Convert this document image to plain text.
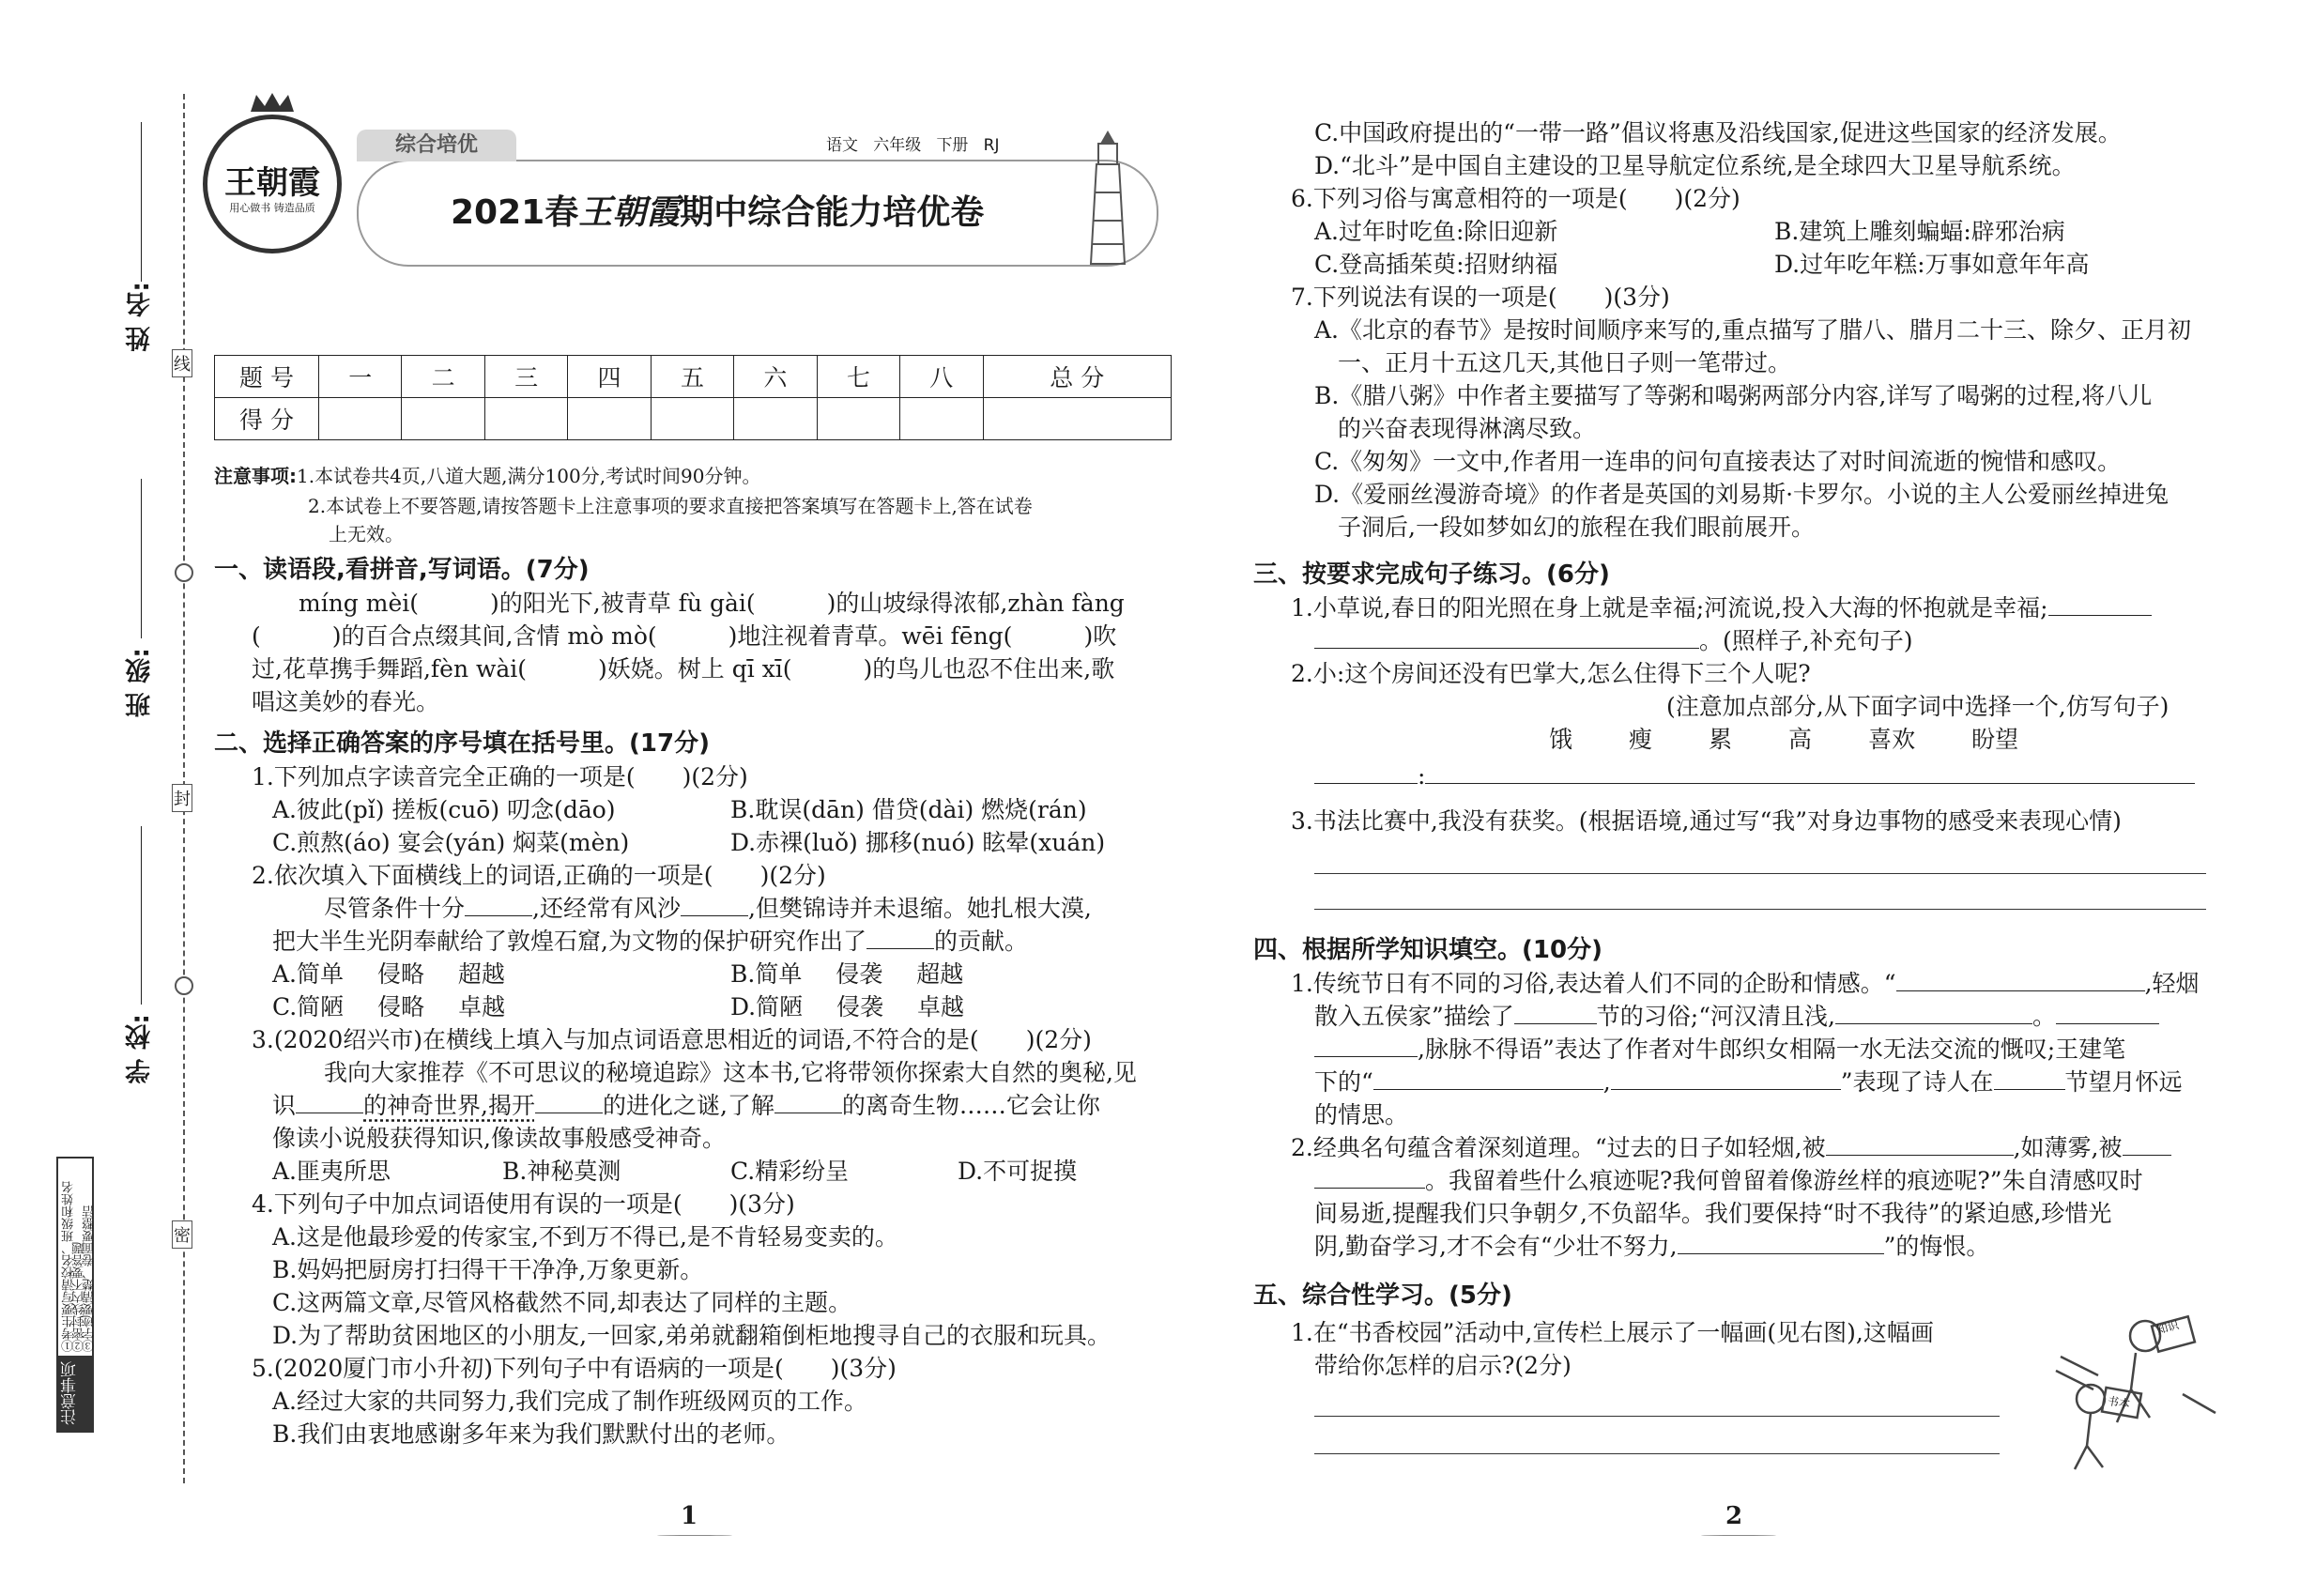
姓 名:
班 级:
学 校:
线
封
密
注意事项
①考生要写清校名、班级和姓名
②密封线内不要答题
③字迹要清楚、卷面要整洁
综合培优	语文 六年级 下册 RJ
王朝霞
用心做书 铸造品质	2021春王朝霞期中综合能力培优卷
题 号	一	二	三	四	五	六	七	八	总 分
得 分									
注意事项:1.本试卷共4页,八道大题,满分100分,考试时间90分钟。
2.本试卷上不要答题,请按答题卡上注意事项的要求直接把答案填写在答题卡上,答在试卷
上无效。
一、读语段,看拼音,写词语。(7分)
míng mèi(	)的阳光下,被青草 fù gài(	)的山坡绿得浓郁,zhàn fàng
(	)的百合点缀其间,含情 mò mò(	)地注视着青草。wēi fēng(	)吹
过,花草携手舞蹈,fèn wài(	)妖娆。树上 qī xī(	)的鸟儿也忍不住出来,歌
唱这美妙的春光。
二、选择正确答案的序号填在括号里。(17分)
1.下列加点字读音完全正确的一项是( )(2分)
A.彼此(pǐ) 搓板(cuō) 叨念(dāo)	B.耽误(dān) 借贷(dài) 燃烧(rán)
C.煎熬(áo) 宴会(yán) 焖菜(mèn)	D.赤裸(luǒ) 挪移(nuó) 眩晕(xuán)
2.依次填入下面横线上的词语,正确的一项是( )(2分)
尽管条件十分	,还经常有风沙	,但樊锦诗并未退缩。她扎根大漠,
把大半生光阴奉献给了敦煌石窟,为文物的保护研究作出了	的贡献。
A.简单 侵略 超越	B.简单 侵袭 超越
C.简陋 侵略 卓越	D.简陋 侵袭 卓越
3.(2020绍兴市)在横线上填入与加点词语意思相近的词语,不符合的是( )(2分)
我向大家推荐《不可思议的秘境追踪》这本书,它将带领你探索大自然的奥秘,见
识	的神奇世界,揭开	的进化之谜,了解	的离奇生物……它会让你
像读小说般获得知识,像读故事般感受神奇。
A.匪夷所思	B.神秘莫测	C.精彩纷呈	D.不可捉摸
4.下列句子中加点词语使用有误的一项是( )(3分)
A.这是他最珍爱的传家宝,不到万不得已,是不肯轻易变卖的。
B.妈妈把厨房打扫得干干净净,万象更新。
C.这两篇文章,尽管风格截然不同,却表达了同样的主题。
D.为了帮助贫困地区的小朋友,一回家,弟弟就翻箱倒柜地搜寻自己的衣服和玩具。
5.(2020厦门市小升初)下列句子中有语病的一项是( )(3分)
A.经过大家的共同努力,我们完成了制作班级网页的工作。
B.我们由衷地感谢多年来为我们默默付出的老师。
C.中国政府提出的“一带一路”倡议将惠及沿线国家,促进这些国家的经济发展。
D.“北斗”是中国自主建设的卫星导航定位系统,是全球四大卫星导航系统。
6.下列习俗与寓意相符的一项是( )(2分)
A.过年时吃鱼:除旧迎新	B.建筑上雕刻蝙蝠:辟邪治病
C.登高插茱萸:招财纳福	D.过年吃年糕:万事如意年年高
7.下列说法有误的一项是( )(3分)
A.《北京的春节》是按时间顺序来写的,重点描写了腊八、腊月二十三、除夕、正月初
一、正月十五这几天,其他日子则一笔带过。
B.《腊八粥》中作者主要描写了等粥和喝粥两部分内容,详写了喝粥的过程,将八儿
的兴奋表现得淋漓尽致。
C.《匆匆》一文中,作者用一连串的问句直接表达了对时间流逝的惋惜和感叹。
D.《爱丽丝漫游奇境》的作者是英国的刘易斯·卡罗尔。小说的主人公爱丽丝掉进兔
子洞后,一段如梦如幻的旅程在我们眼前展开。
三、按要求完成句子练习。(6分)
1.小草说,春日的阳光照在身上就是幸福;河流说,投入大海的怀抱就是幸福;
。(照样子,补充句子)
2.小:这个房间还没有巴掌大,怎么住得下三个人呢?
(注意加点部分,从下面字词中选择一个,仿写句子)
饿 瘦 累 高 喜欢 盼望
:
3.书法比赛中,我没有获奖。(根据语境,通过写“我”对身边事物的感受来表现心情)
四、根据所学知识填空。(10分)
1.传统节日有不同的习俗,表达着人们不同的企盼和情感。“	,轻烟
散入五侯家”描绘了	节的习俗;“河汉清且浅,	。
,脉脉不得语”表达了作者对牛郎织女相隔一水无法交流的慨叹;王建笔
下的“	,	”表现了诗人在	节望月怀远
的情思。
2.经典名句蕴含着深刻道理。“过去的日子如轻烟,被	,如薄雾,被
。我留着些什么痕迹呢?我何曾留着像游丝样的痕迹呢?”朱自清感叹时
间易逝,提醒我们只争朝夕,不负韶华。我们要保持“时不我待”的紧迫感,珍惜光
阴,勤奋学习,才不会有“少壮不努力,	”的悔恨。
五、综合性学习。(5分)
1.在“书香校园”活动中,宣传栏上展示了一幅画(见右图),这幅画
带给你怎样的启示?(2分)
知识
书本
1	2
